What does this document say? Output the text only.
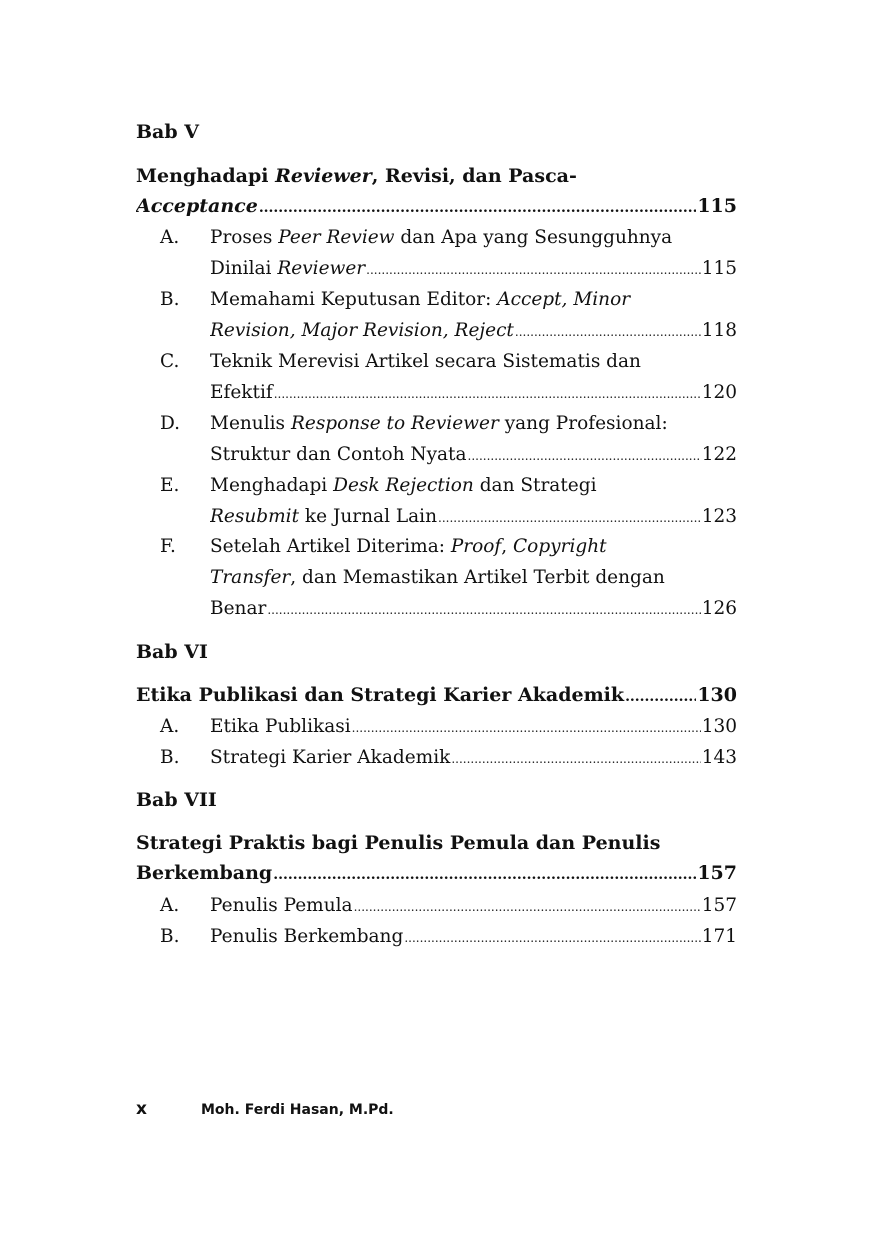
Bab V
Menghadapi Reviewer, Revisi, dan Pasca-
Acceptance .....	115
A. Proses Peer Review dan Apa yang Sesungguhnya
Dinilai Reviewer .....	115
B. Memahami Keputusan Editor: Accept, Minor
Revision, Major Revision, Reject .....	118
C. Teknik Merevisi Artikel secara Sistematis dan
Efektif .....	120
D. Menulis Response to Reviewer yang Profesional:
Struktur dan Contoh Nyata .....	122
E. Menghadapi Desk Rejection dan Strategi
Resubmit ke Jurnal Lain .....	123
F. Setelah Artikel Diterima: Proof, Copyright
Transfer, dan Memastikan Artikel Terbit dengan
Benar .....	126
Bab VI
Etika Publikasi dan Strategi Karier Akademik .....	130
A. Etika Publikasi .....	130
B. Strategi Karier Akademik .....	143
Bab VII
Strategi Praktis bagi Penulis Pemula dan Penulis
Berkembang .....	157
A. Penulis Pemula .....	157
B. Penulis Berkembang .....	171
x	Moh. Ferdi Hasan, M.Pd.
